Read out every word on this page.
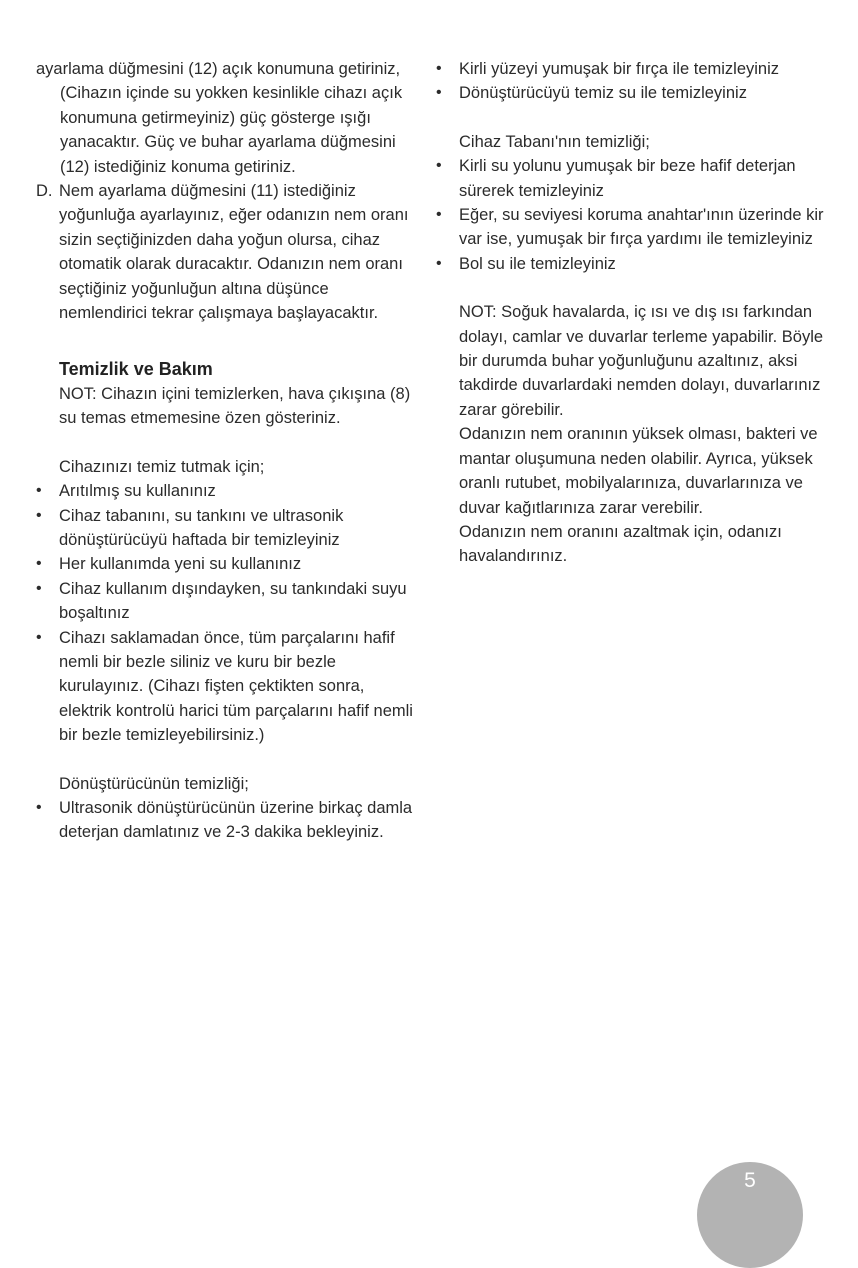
ayarlama düğmesini (12) açık konumuna getiriniz, (Cihazın içinde su yokken kesinlikle cihazı açık konumuna getirmeyiniz) güç gösterge ışığı yanacaktır. Güç ve buhar ayarlama düğmesini (12) istediğiniz konuma getiriniz.

D. Nem ayarlama düğmesini (11) istediğiniz yoğunluğa ayarlayınız, eğer odanızın nem oranı sizin seçtiğinizden daha yoğun olursa, cihaz otomatik olarak duracaktır. Odanızın nem oranı seçtiğiniz yoğunluğun altına düşünce nemlendirici tekrar çalışmaya başlayacaktır.
Temizlik ve Bakım

NOT: Cihazın içini temizlerken, hava çıkışına (8) su temas etmemesine özen gösteriniz.

Cihazınızı temiz tutmak için;

•	Arıtılmış su kullanınız
•	Cihaz tabanını, su tankını ve ultrasonik dönüştürücüyü haftada bir temizleyiniz
•	Her kullanımda yeni su kullanınız
•	Cihaz kullanım dışındayken, su tankındaki suyu boşaltınız
•	Cihazı saklamadan önce, tüm parçalarını hafif nemli bir bezle siliniz ve kuru bir bezle kurulayınız. (Cihazı fişten çektikten sonra, elektrik kontrolü harici tüm parçalarını hafif nemli bir bezle temizleyebilirsiniz.)

Dönüştürücünün temizliği;

•	Ultrasonik dönüştürücünün üzerine birkaç damla deterjan damlatınız ve 2-3 dakika bekleyiniz.
•	Kirli yüzeyi yumuşak bir fırça ile temizleyiniz
•	Dönüştürücüyü temiz su ile temizleyiniz

Cihaz Tabanı'nın temizliği;

•	Kirli su yolunu yumuşak bir beze hafif deterjan sürerek temizleyiniz
•	Eğer, su seviyesi koruma anahtar'ının üzerinde kir var ise, yumuşak bir fırça yardımı ile temizleyiniz
•	Bol su ile temizleyiniz

NOT: Soğuk havalarda, iç ısı ve dış ısı farkından dolayı, camlar ve duvarlar terleme yapabilir. Böyle bir durumda buhar yoğunluğunu azaltınız, aksi takdirde duvarlardaki nemden dolayı, duvarlarınız zarar görebilir.

Odanızın nem oranının yüksek olması, bakteri ve mantar oluşumuna neden olabilir. Ayrıca, yüksek oranlı rutubet, mobilyalarınıza, duvarlarınıza ve duvar kağıtlarınıza zarar verebilir.

Odanızın nem oranını azaltmak için, odanızı havalandırınız.

5
